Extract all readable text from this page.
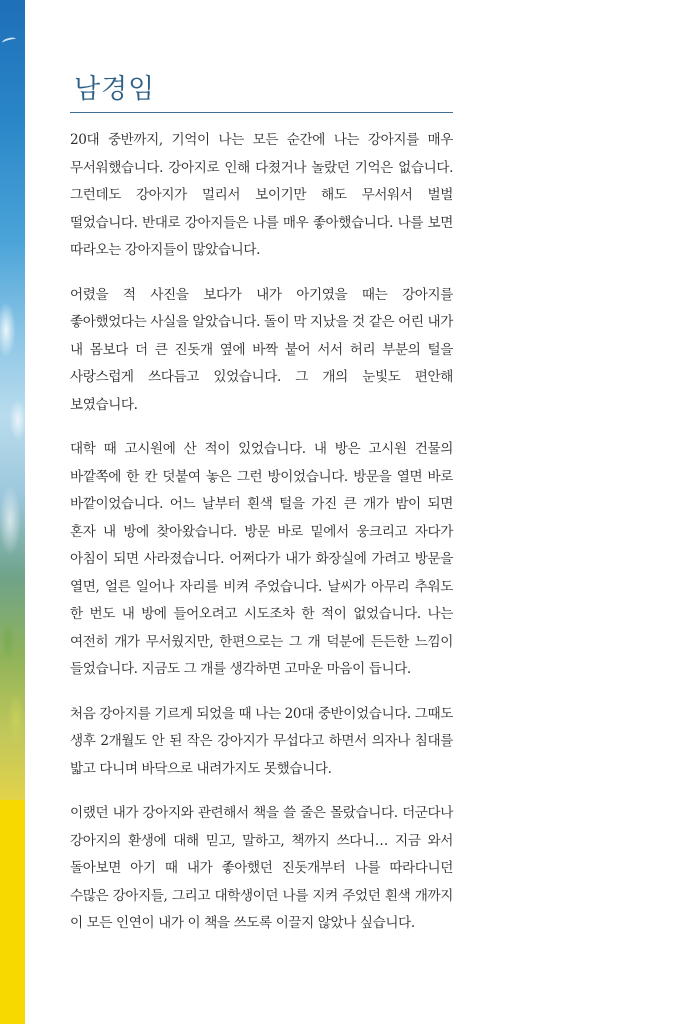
남경임

20대 중반까지, 기억이 나는 모든 순간에 나는 강아지를 매우 무서워했습니다. 강아지로 인해 다쳤거나 놀랐던 기억은 없습니다. 그런데도 강아지가 멀리서 보이기만 해도 무서워서 벌벌 떨었습니다. 반대로 강아지들은 나를 매우 좋아했습니다. 나를 보면 따라오는 강아지들이 많았습니다.

어렸을 적 사진을 보다가 내가 아기였을 때는 강아지를 좋아했었다는 사실을 알았습니다. 돌이 막 지났을 것 같은 어린 내가 내 몸보다 더 큰 진돗개 옆에 바짝 붙어 서서 허리 부분의 털을 사랑스럽게 쓰다듬고 있었습니다. 그 개의 눈빛도 편안해 보였습니다.

대학 때 고시원에 산 적이 있었습니다. 내 방은 고시원 건물의 바깥쪽에 한 칸 덧붙여 놓은 그런 방이었습니다. 방문을 열면 바로 바깥이었습니다. 어느 날부터 흰색 털을 가진 큰 개가 밤이 되면 혼자 내 방에 찾아왔습니다. 방문 바로 밑에서 웅크리고 자다가 아침이 되면 사라졌습니다. 어쩌다가 내가 화장실에 가려고 방문을 열면, 얼른 일어나 자리를 비켜 주었습니다. 날씨가 아무리 추워도 한 번도 내 방에 들어오려고 시도조차 한 적이 없었습니다. 나는 여전히 개가 무서웠지만, 한편으로는 그 개 덕분에 든든한 느낌이 들었습니다. 지금도 그 개를 생각하면 고마운 마음이 듭니다.

처음 강아지를 기르게 되었을 때 나는 20대 중반이었습니다. 그때도 생후 2개월도 안 된 작은 강아지가 무섭다고 하면서 의자나 침대를 밟고 다니며 바닥으로 내려가지도 못했습니다.

이랬던 내가 강아지와 관련해서 책을 쓸 줄은 몰랐습니다. 더군다나 강아지의 환생에 대해 믿고, 말하고, 책까지 쓰다니… 지금 와서 돌아보면 아기 때 내가 좋아했던 진돗개부터 나를 따라다니던 수많은 강아지들, 그리고 대학생이던 나를 지켜 주었던 흰색 개까지 이 모든 인연이 내가 이 책을 쓰도록 이끌지 않았나 싶습니다.
